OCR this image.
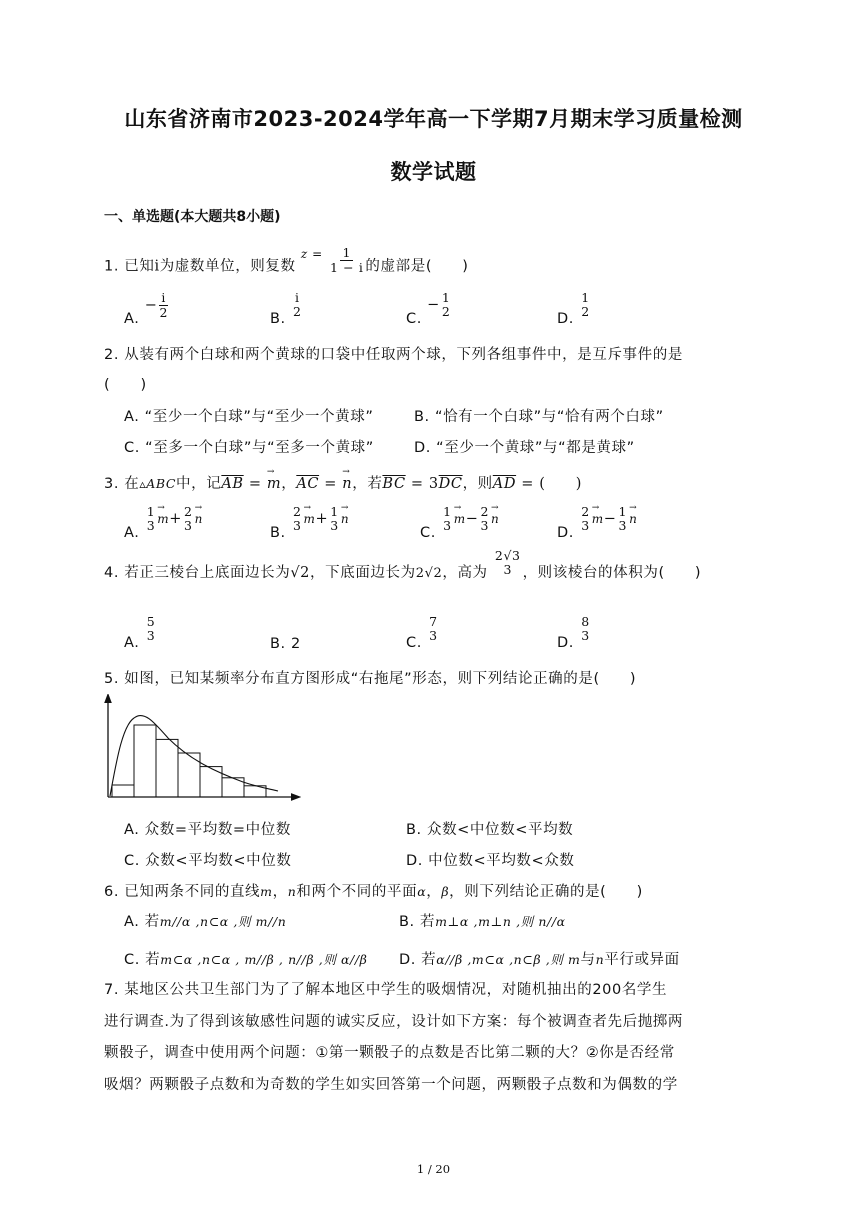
山东省济南市2023-2024学年高一下学期7月期末学习质量检测
数学试题
一、单选题(本大题共8小题)
1. 已知i为虚数单位，则复数 $^{z =} \frac{1}{1 - i}$ 的虚部是(　　)
A. − $\frac{i}{2}$	B.
i
2	C. − 1
2	D.
1
2
2. 从装有两个白球和两个黄球的口袋中任取两个球，下列各组事件中，是互斥事件的是
(　　)
A. “至少一个白球”与“至少一个黄球”	B. “恰有一个白球”与“恰有两个白球”
C. “至多一个白球”与“至多一个黄球”	D. “至少一个黄球”与“都是黄球”
3. 在▵ABC中，记$\overline{AB}$ = → m，$\overline{AC}$ = → n，若$\overline{BC} = 3\overline{DC}$，则$\overline{AD}$ = (　　)
A.
1
3 → m+ 2
3 → n
B.
2
3 → m+ 1
3 → n
C.
1
3 → m− 2
3 → n
D.
2
3 → m− 1
3 → n
4. 若正三棱台上底面边长为√2，下底面边长为2√2，高为
2√3
3 ，则该棱台的体积为(　　)
A.
5
3
B. 2	C.
7
3	D.
8
3
5. 如图，已知某频率分布直方图形成“右拖尾”形态，则下列结论正确的是(　　)
A. 众数=平均数=中位数	B. 众数<中位数<平均数
C. 众数<平均数<中位数	D. 中位数<平均数<众数
6. 已知两条不同的直线m，n和两个不同的平面α，β，则下列结论正确的是(　　)
A. 若m//α ,n⊂α ,则 m//n	B. 若m⊥α ,m⊥n ,则 n//α
C. 若m⊂α ,n⊂α , m//β , n//β ,则 α//β D. 若α//β ,m⊂α ,n⊂β ,则 m与n平行或异面
7. 某地区公共卫生部门为了了解本地区中学生的吸烟情况，对随机抽出的200名学生
进行调查.为了得到该敏感性问题的诚实反应，设计如下方案：每个被调查者先后抛掷两
颗骰子，调查中使用两个问题：①第一颗骰子的点数是否比第二颗的大？②你是否经常
吸烟？两颗骰子点数和为奇数的学生如实回答第一个问题，两颗骰子点数和为偶数的学
1 / 20
